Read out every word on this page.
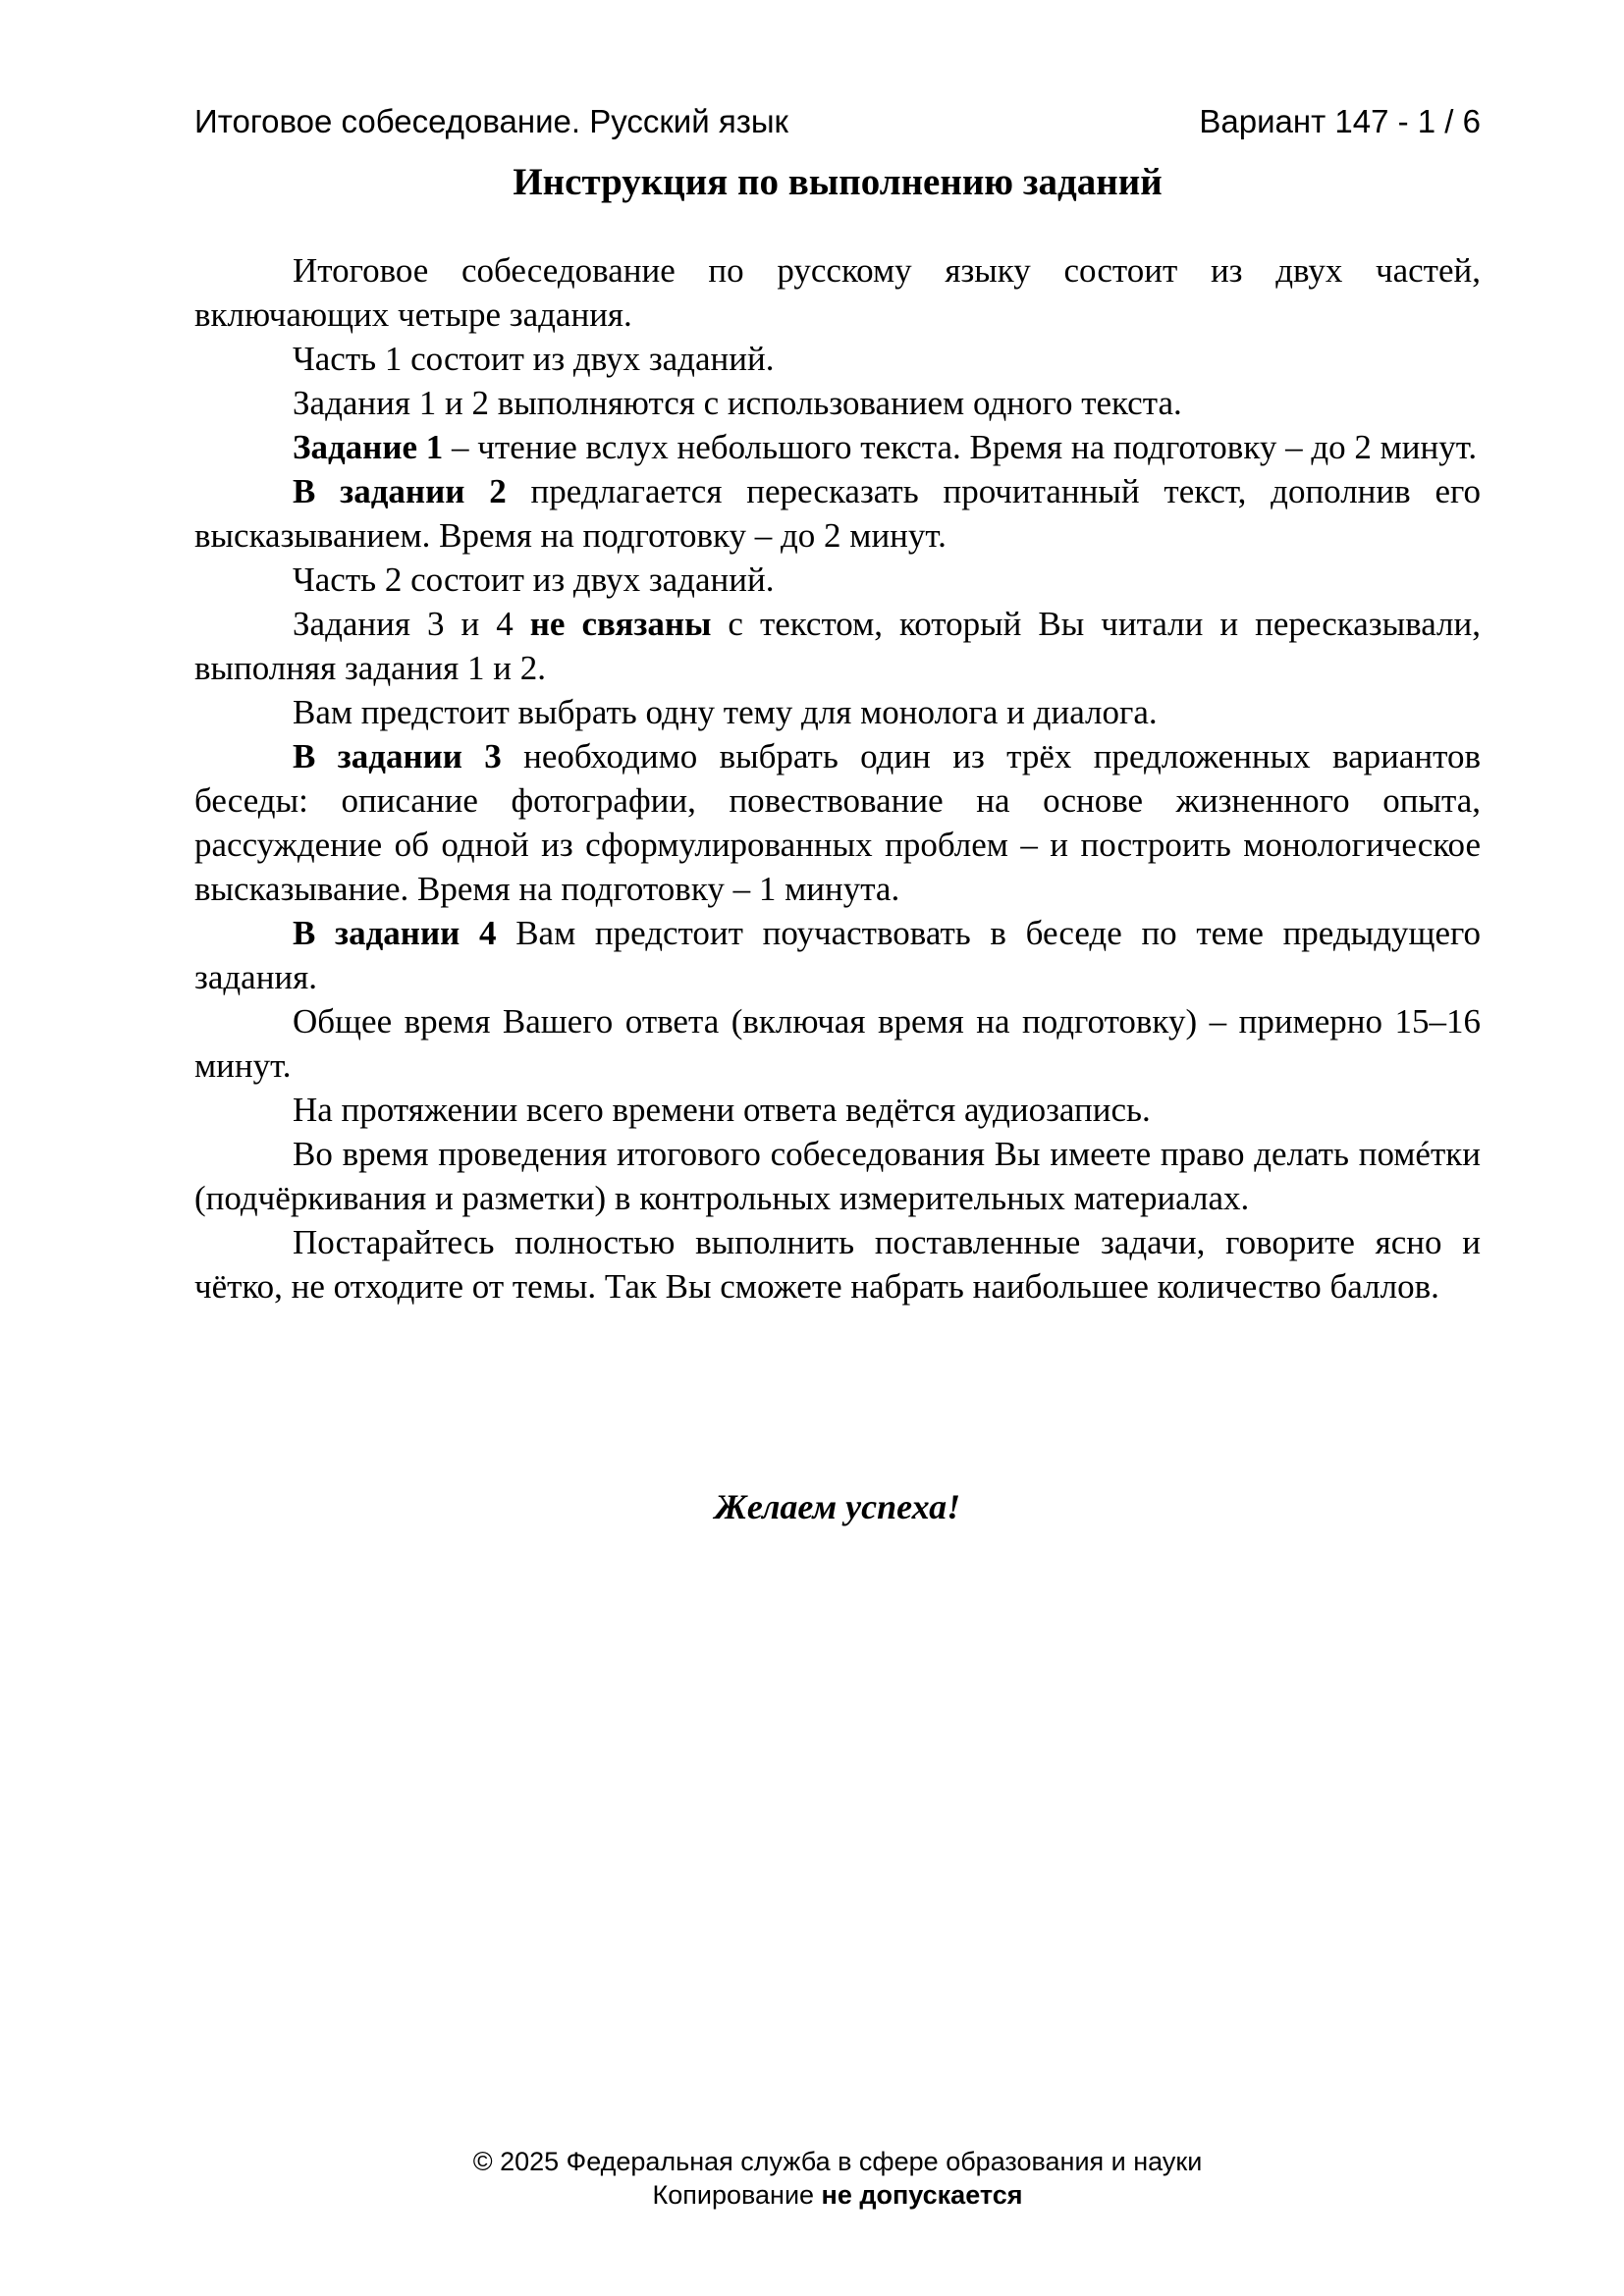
Итоговое собеседование. Русский язык	Вариант 147 - 1 / 6
Инструкция по выполнению заданий

Итоговое собеседование по русскому языку состоит из двух частей, включающих четыре задания.

Часть 1 состоит из двух заданий.

Задания 1 и 2 выполняются с использованием одного текста.

Задание 1 – чтение вслух небольшого текста. Время на подготовку – до 2 минут.

В задании 2 предлагается пересказать прочитанный текст, дополнив его высказыванием. Время на подготовку – до 2 минут.

Часть 2 состоит из двух заданий.

Задания 3 и 4 не связаны с текстом, который Вы читали и пересказывали, выполняя задания 1 и 2.

Вам предстоит выбрать одну тему для монолога и диалога.

В задании 3 необходимо выбрать один из трёх предложенных вариантов беседы: описание фотографии, повествование на основе жизненного опыта, рассуждение об одной из сформулированных проблем – и построить монологическое высказывание. Время на подготовку – 1 минута.

В задании 4 Вам предстоит поучаствовать в беседе по теме предыдущего задания.

Общее время Вашего ответа (включая время на подготовку) – примерно 15–16 минут.

На протяжении всего времени ответа ведётся аудиозапись.

Во время проведения итогового собеседования Вы имеете право делать помéтки (подчёркивания и разметки) в контрольных измерительных материалах.

Постарайтесь полностью выполнить поставленные задачи, говорите ясно и чётко, не отходите от темы. Так Вы сможете набрать наибольшее количество баллов.

Желаем успеха!
© 2025 Федеральная служба в сфере образования и науки
Копирование не допускается
